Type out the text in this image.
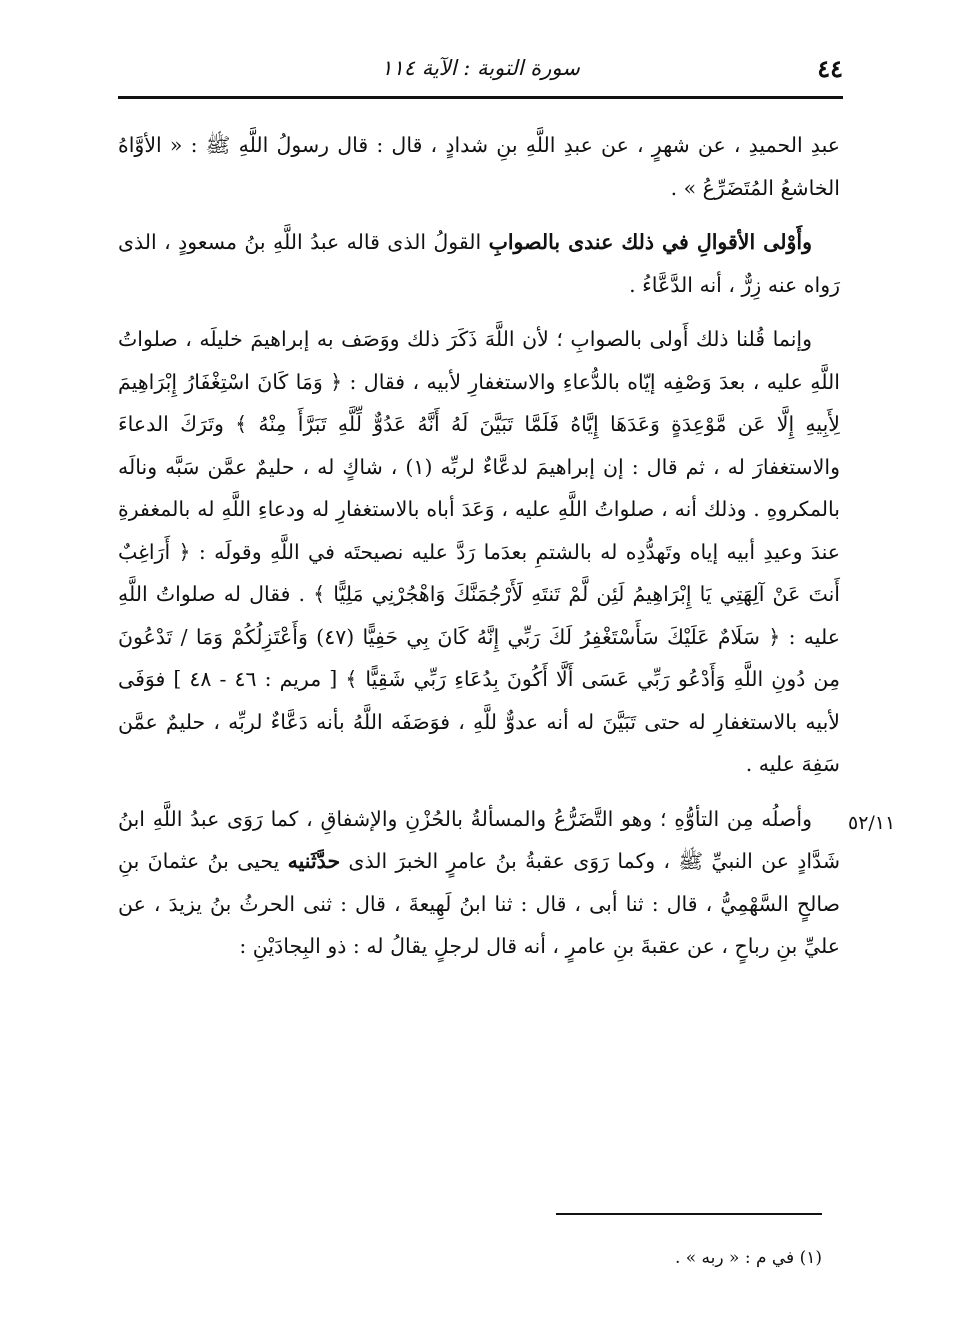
٤٤
سورة التوبة : الآية ١١٤
٥٢/١١

عبدِ الحميدِ ، عن شهرٍ ، عن عبدِ اللَّهِ بنِ شدادٍ ، قال : قال رسولُ اللَّهِ ﷺ : « الأوَّاهُ الخاشعُ المُتَضَرِّعُ » .

وأَوْلى الأقوالِ في ذلك عندى بالصوابِ القولُ الذى قاله عبدُ اللَّهِ بنُ مسعودٍ ، الذى رَواه عنه زِرٌّ ، أنه الدَّعَّاءُ .

وإنما قُلنا ذلك أَولى بالصوابِ ؛ لأن اللَّهَ ذَكَرَ ذلك ووَصَف به إبراهيمَ خليلَه ، صلواتُ اللَّهِ عليه ، بعدَ وَصْفِه إيّاه بالدُّعاءِ والاستغفارِ لأبيه ، فقال : ﴿ وَمَا كَانَ اسْتِغْفَارُ إِبْرَاهِيمَ لِأَبِيهِ إِلَّا عَن مَّوْعِدَةٍ وَعَدَهَا إِيَّاهُ فَلَمَّا تَبَيَّنَ لَهُ أَنَّهُ عَدُوٌّ لِّلَّهِ تَبَرَّأَ مِنْهُ ﴾ وتَرَكَ الدعاءَ والاستغفارَ له ، ثم قال : إن إبراهيمَ لدعَّاءٌ لربِّه (١) ، شاكٍ له ، حليمٌ عمَّن سَبَّه ونالَه بالمكروهِ . وذلك أنه ، صلواتُ اللَّهِ عليه ، وَعَدَ أباه بالاستغفارِ له ودعاءِ اللَّهِ له بالمغفرةِ عندَ وعيدِ أبيه إياه وتَهدُّدِه له بالشتمِ بعدَما رَدَّ عليه نصيحتَه في اللَّهِ وقولَه : ﴿ أَرَاغِبٌ أَنتَ عَنْ آلِهَتِي يَا إِبْرَاهِيمُ لَئِن لَّمْ تَنتَهِ لَأَرْجُمَنَّكَ وَاهْجُرْنِي مَلِيًّا ﴾ . فقال له صلواتُ اللَّهِ عليه : ﴿ سَلَامٌ عَلَيْكَ سَأَسْتَغْفِرُ لَكَ رَبِّي إِنَّهُ كَانَ بِي حَفِيًّا (٤٧) وَأَعْتَزِلُكُمْ وَمَا / تَدْعُونَ مِن دُونِ اللَّهِ وَأَدْعُو رَبِّي عَسَى أَلَّا أَكُونَ بِدُعَاءِ رَبِّي شَقِيًّا ﴾ [ مريم : ٤٦ - ٤٨ ] فوَفَى لأبيه بالاستغفارِ له حتى تَبَيَّنَ له أنه عدوٌّ للَّهِ ، فوَصَفَه اللَّهُ بأنه دَعَّاءٌ لربِّه ، حليمٌ عمَّن سَفِهَ عليه .

وأصلُه مِن التأوُّهِ ؛ وهو التَّضَرُّعُ والمسألةُ بالحُزْنِ والإشفاقِ ، كما رَوَى عبدُ اللَّهِ ابنُ شَدَّادٍ عن النبيِّ ﷺ ، وكما رَوَى عقبةُ بنُ عامرٍ الخبرَ الذى حدَّثَنيه يحيى بنُ عثمانَ بنِ صالحٍ السَّهْمِيُّ ، قال : ثنا أبى ، قال : ثنا ابنُ لَهِيعةَ ، قال : ثنى الحرثُ بنُ يزيدَ ، عن عليِّ بنِ رباحٍ ، عن عقبةَ بنِ عامرٍ ، أنه قال لرجلٍ يقالُ له : ذو البِجادَيْنِ :

(١) في م : « ربه » .
